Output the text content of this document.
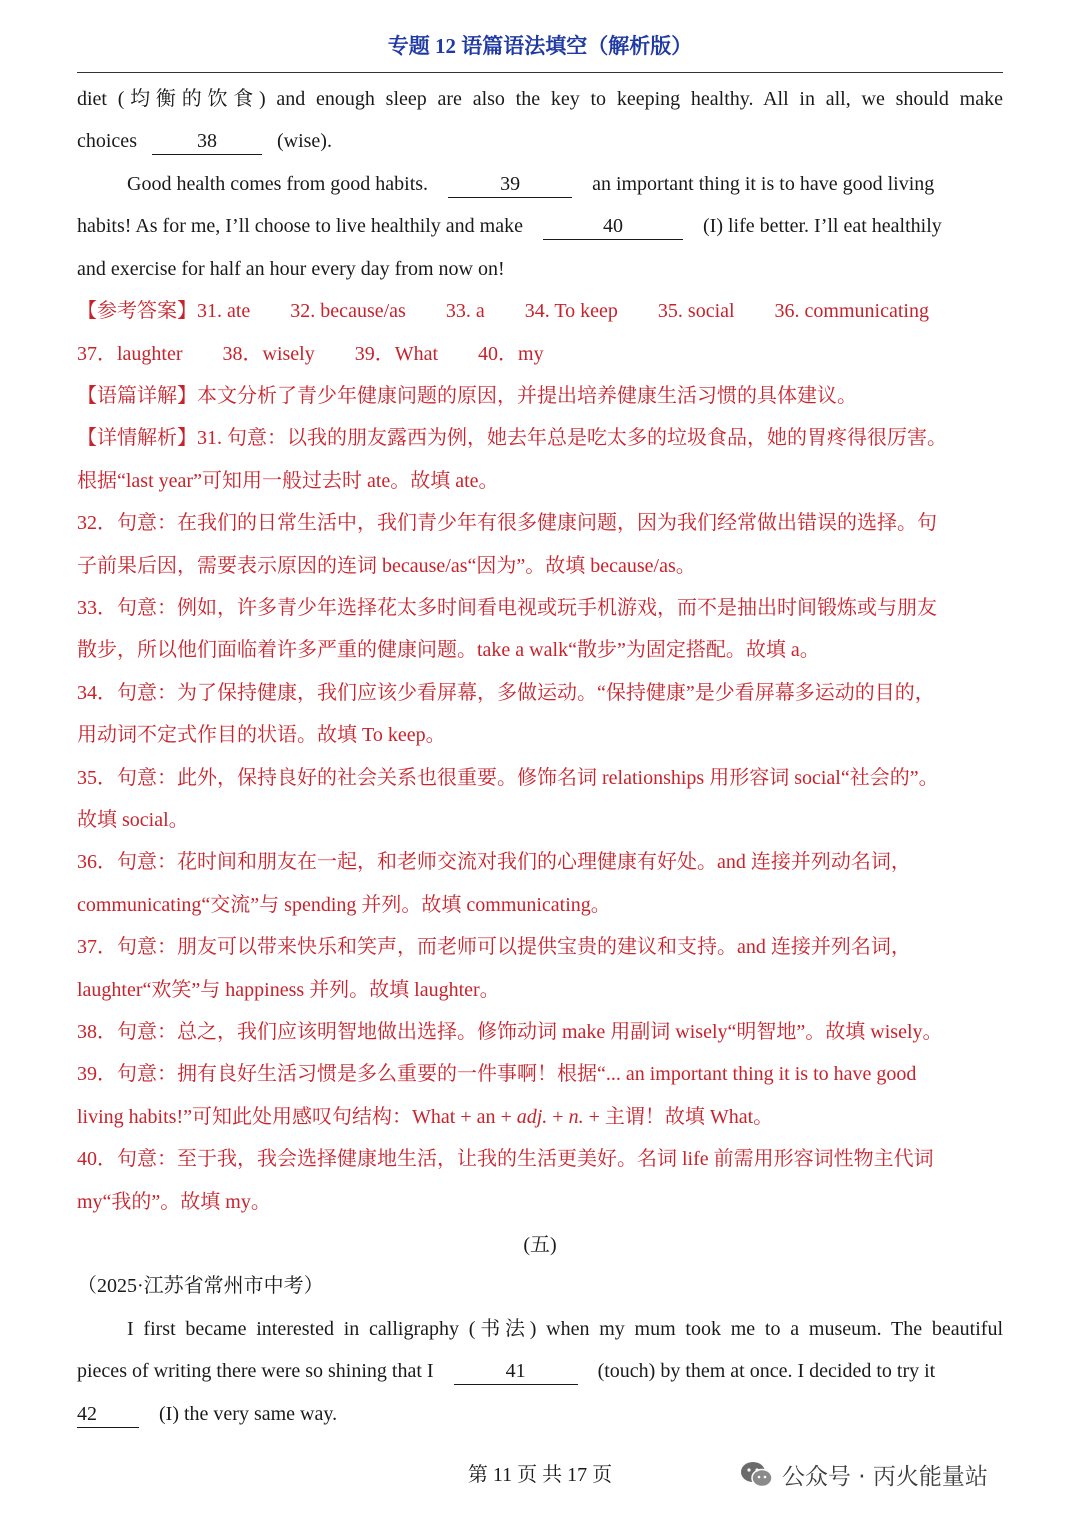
专题 12 语篇语法填空（解析版）
diet (均衡的饮食) and enough sleep are also the key to keeping healthy. All in all, we should make
choices	38	(wise).
Good health comes from good habits.	39	an important thing it is to have good living
habits! As for me, I’ll choose to live healthily and make	40	(I) life better. I’ll eat healthily
and exercise for half an hour every day from now on!
【参考答案】31. ate        32. because/as        33. a        34. To keep        35. social        36. communicating
37．laughter        38．wisely        39．What        40．my
【语篇详解】本文分析了青少年健康问题的原因，并提出培养健康生活习惯的具体建议。
【详情解析】31. 句意：以我的朋友露西为例，她去年总是吃太多的垃圾食品，她的胃疼得很厉害。
根据“last year”可知用一般过去时 ate。故填 ate。
32．句意：在我们的日常生活中，我们青少年有很多健康问题，因为我们经常做出错误的选择。句
子前果后因，需要表示原因的连词 because/as“因为”。故填 because/as。
33．句意：例如，许多青少年选择花太多时间看电视或玩手机游戏，而不是抽出时间锻炼或与朋友
散步，所以他们面临着许多严重的健康问题。take a walk“散步”为固定搭配。故填 a。
34．句意：为了保持健康，我们应该少看屏幕，多做运动。“保持健康”是少看屏幕多运动的目的，
用动词不定式作目的状语。故填 To keep。
35．句意：此外，保持良好的社会关系也很重要。修饰名词 relationships 用形容词 social“社会的”。
故填 social。
36．句意：花时间和朋友在一起，和老师交流对我们的心理健康有好处。and 连接并列动名词，
communicating“交流”与 spending 并列。故填 communicating。
37．句意：朋友可以带来快乐和笑声，而老师可以提供宝贵的建议和支持。and 连接并列名词，
laughter“欢笑”与 happiness 并列。故填 laughter。
38．句意：总之，我们应该明智地做出选择。修饰动词 make 用副词 wisely“明智地”。故填 wisely。
39．句意：拥有良好生活习惯是多么重要的一件事啊！根据“... an important thing it is to have good
living habits!”可知此处用感叹句结构：What + an + adj. + n. + 主谓！故填 What。
40．句意：至于我，我会选择健康地生活，让我的生活更美好。名词 life 前需用形容词性物主代词
my“我的”。故填 my。
(五)
（2025·江苏省常州市中考）
I first became interested in calligraphy (书法) when my mum took me to a museum. The beautiful
pieces of writing there were so shining that I	41	(touch) by them at once. I decided to try it
42	(I) the very same way.
第 11 页 共 17 页	公众号 · 丙火能量站
